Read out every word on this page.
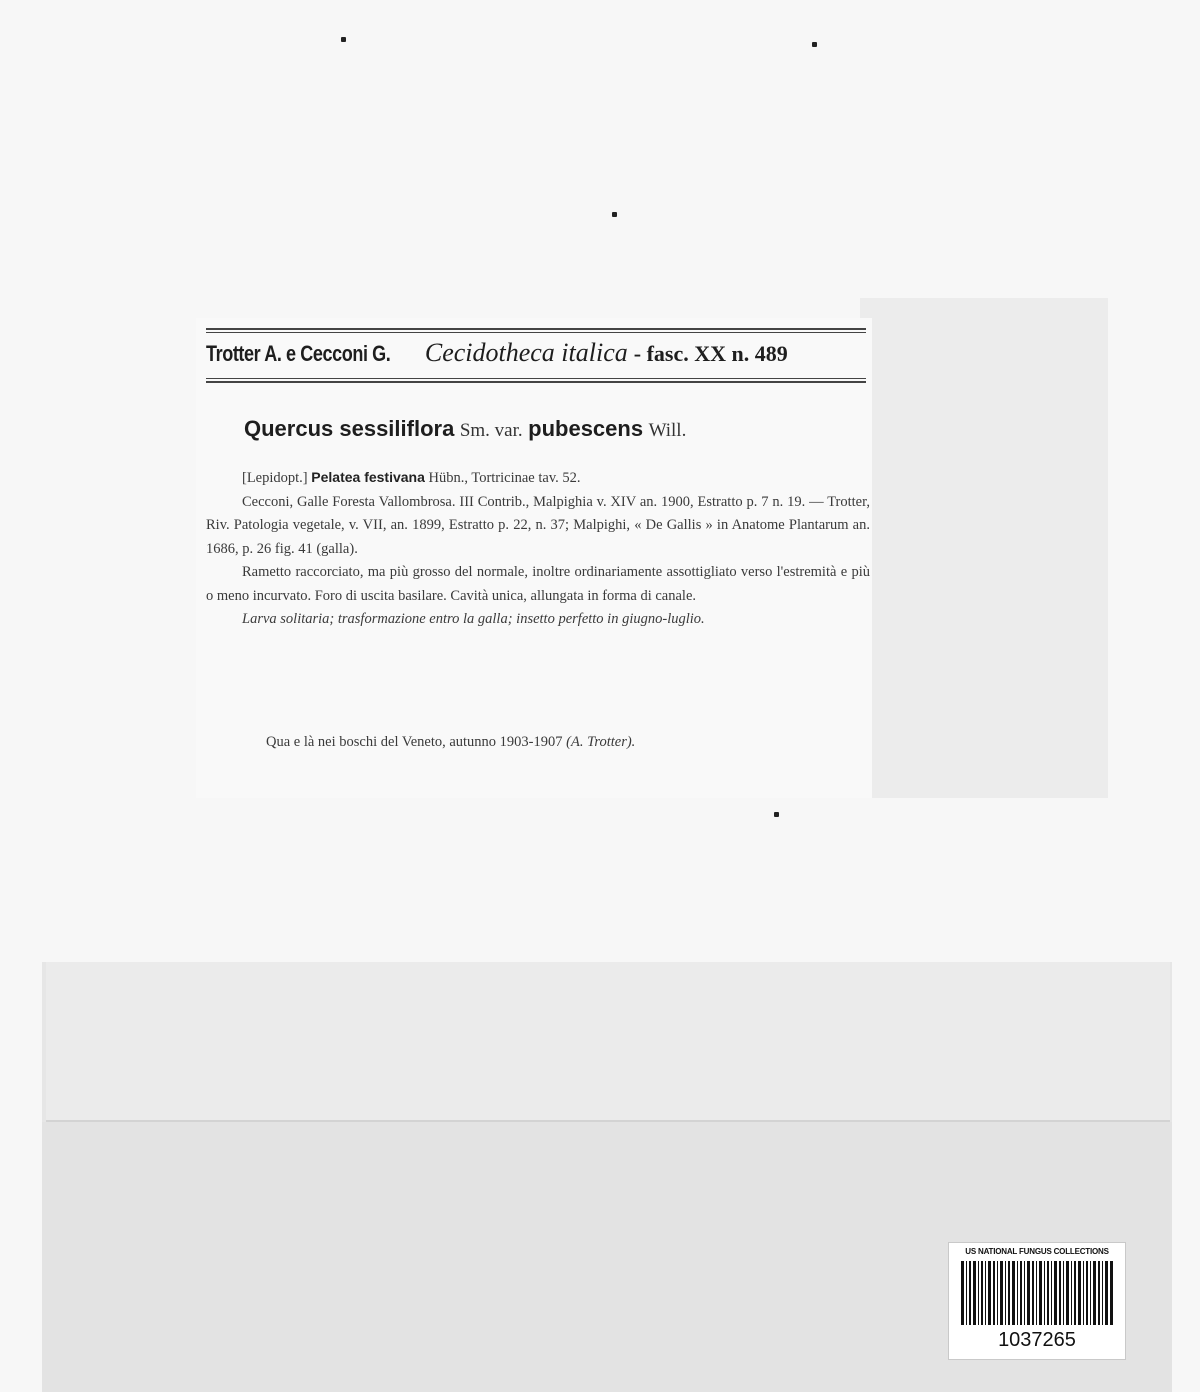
Trotter A. e Cecconi G. Cecidotheca italica - fasc. XX n. 489
Quercus sessiliflora Sm. var. pubescens Will.

[Lepidopt.] Pelatea festivana Hübn., Tortricinae tav. 52.

Cecconi, Galle Foresta Vallombrosa. III Contrib., Malpighia v. XIV an. 1900, Estratto p. 7 n. 19. — Trotter, Riv. Patologia vegetale, v. VII, an. 1899, Estratto p. 22, n. 37; Malpighi, « De Gallis » in Anatome Plantarum an. 1686, p. 26 fig. 41 (galla).

Rametto raccorciato, ma più grosso del normale, inoltre ordinariamente assottigliato verso l'estremità e più o meno incurvato. Foro di uscita basilare. Cavità unica, allungata in forma di canale.

Larva solitaria; trasformazione entro la galla; insetto perfetto in giugno-luglio.

Qua e là nei boschi del Veneto, autunno 1903-1907 (A. Trotter).
US NATIONAL FUNGUS COLLECTIONS
1037265
